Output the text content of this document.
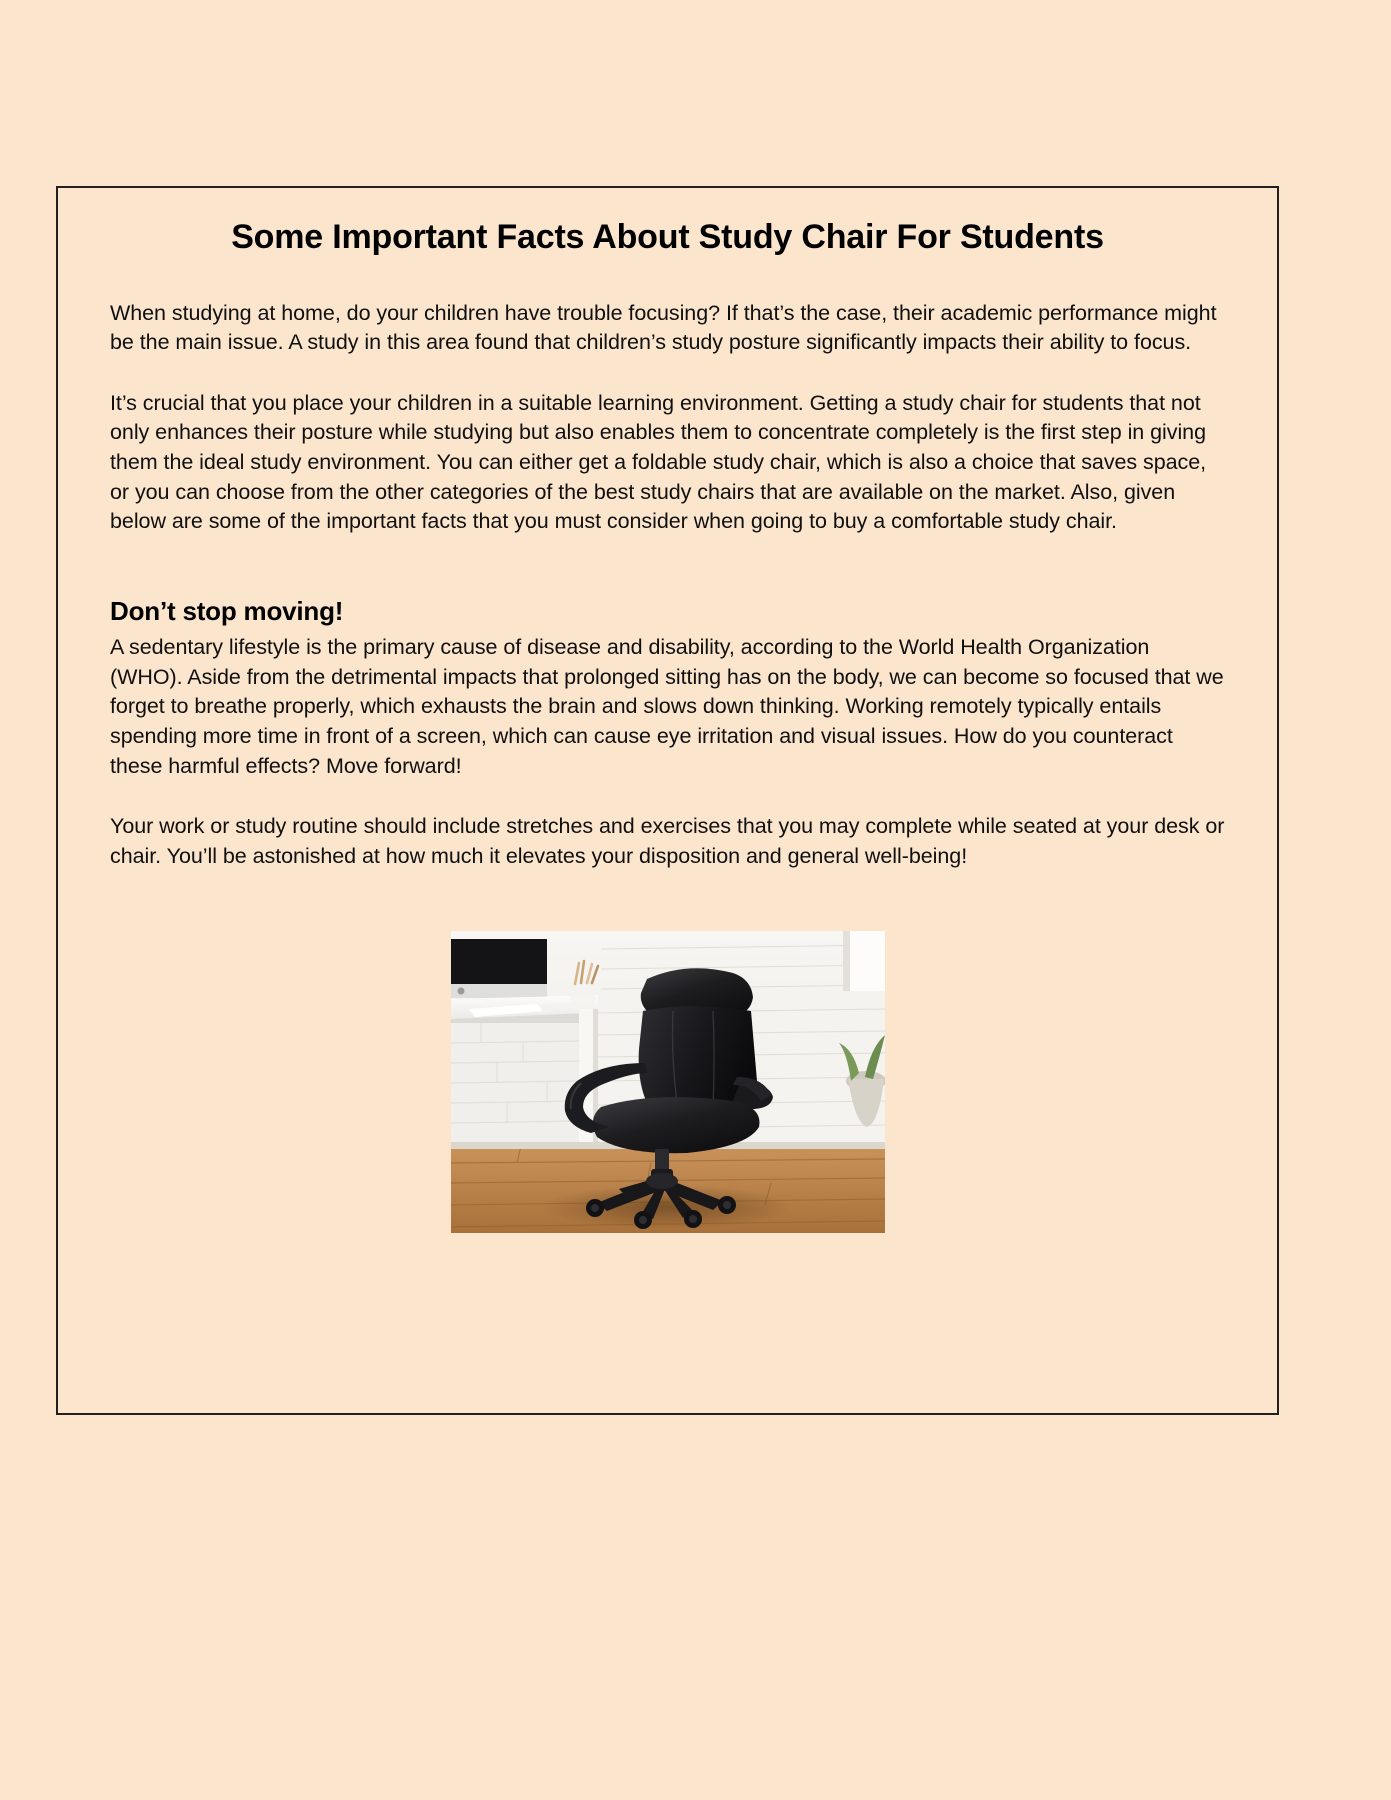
Some Important Facts About Study Chair For Students

When studying at home, do your children have trouble focusing? If that’s the case, their academic performance might be the main issue. A study in this area found that children’s study posture significantly impacts their ability to focus.

It’s crucial that you place your children in a suitable learning environment. Getting a study chair for students that not only enhances their posture while studying but also enables them to concentrate completely is the first step in giving them the ideal study environment. You can either get a foldable study chair, which is also a choice that saves space, or you can choose from the other categories of the best study chairs that are available on the market. Also, given below are some of the important facts that you must consider when going to buy a comfortable study chair.

Don’t stop moving!

A sedentary lifestyle is the primary cause of disease and disability, according to the World Health Organization (WHO). Aside from the detrimental impacts that prolonged sitting has on the body, we can become so focused that we forget to breathe properly, which exhausts the brain and slows down thinking. Working remotely typically entails spending more time in front of a screen, which can cause eye irritation and visual issues. How do you counteract these harmful effects? Move forward!

Your work or study routine should include stretches and exercises that you may complete while seated at your desk or chair. You’ll be astonished at how much it elevates your disposition and general well-being!
